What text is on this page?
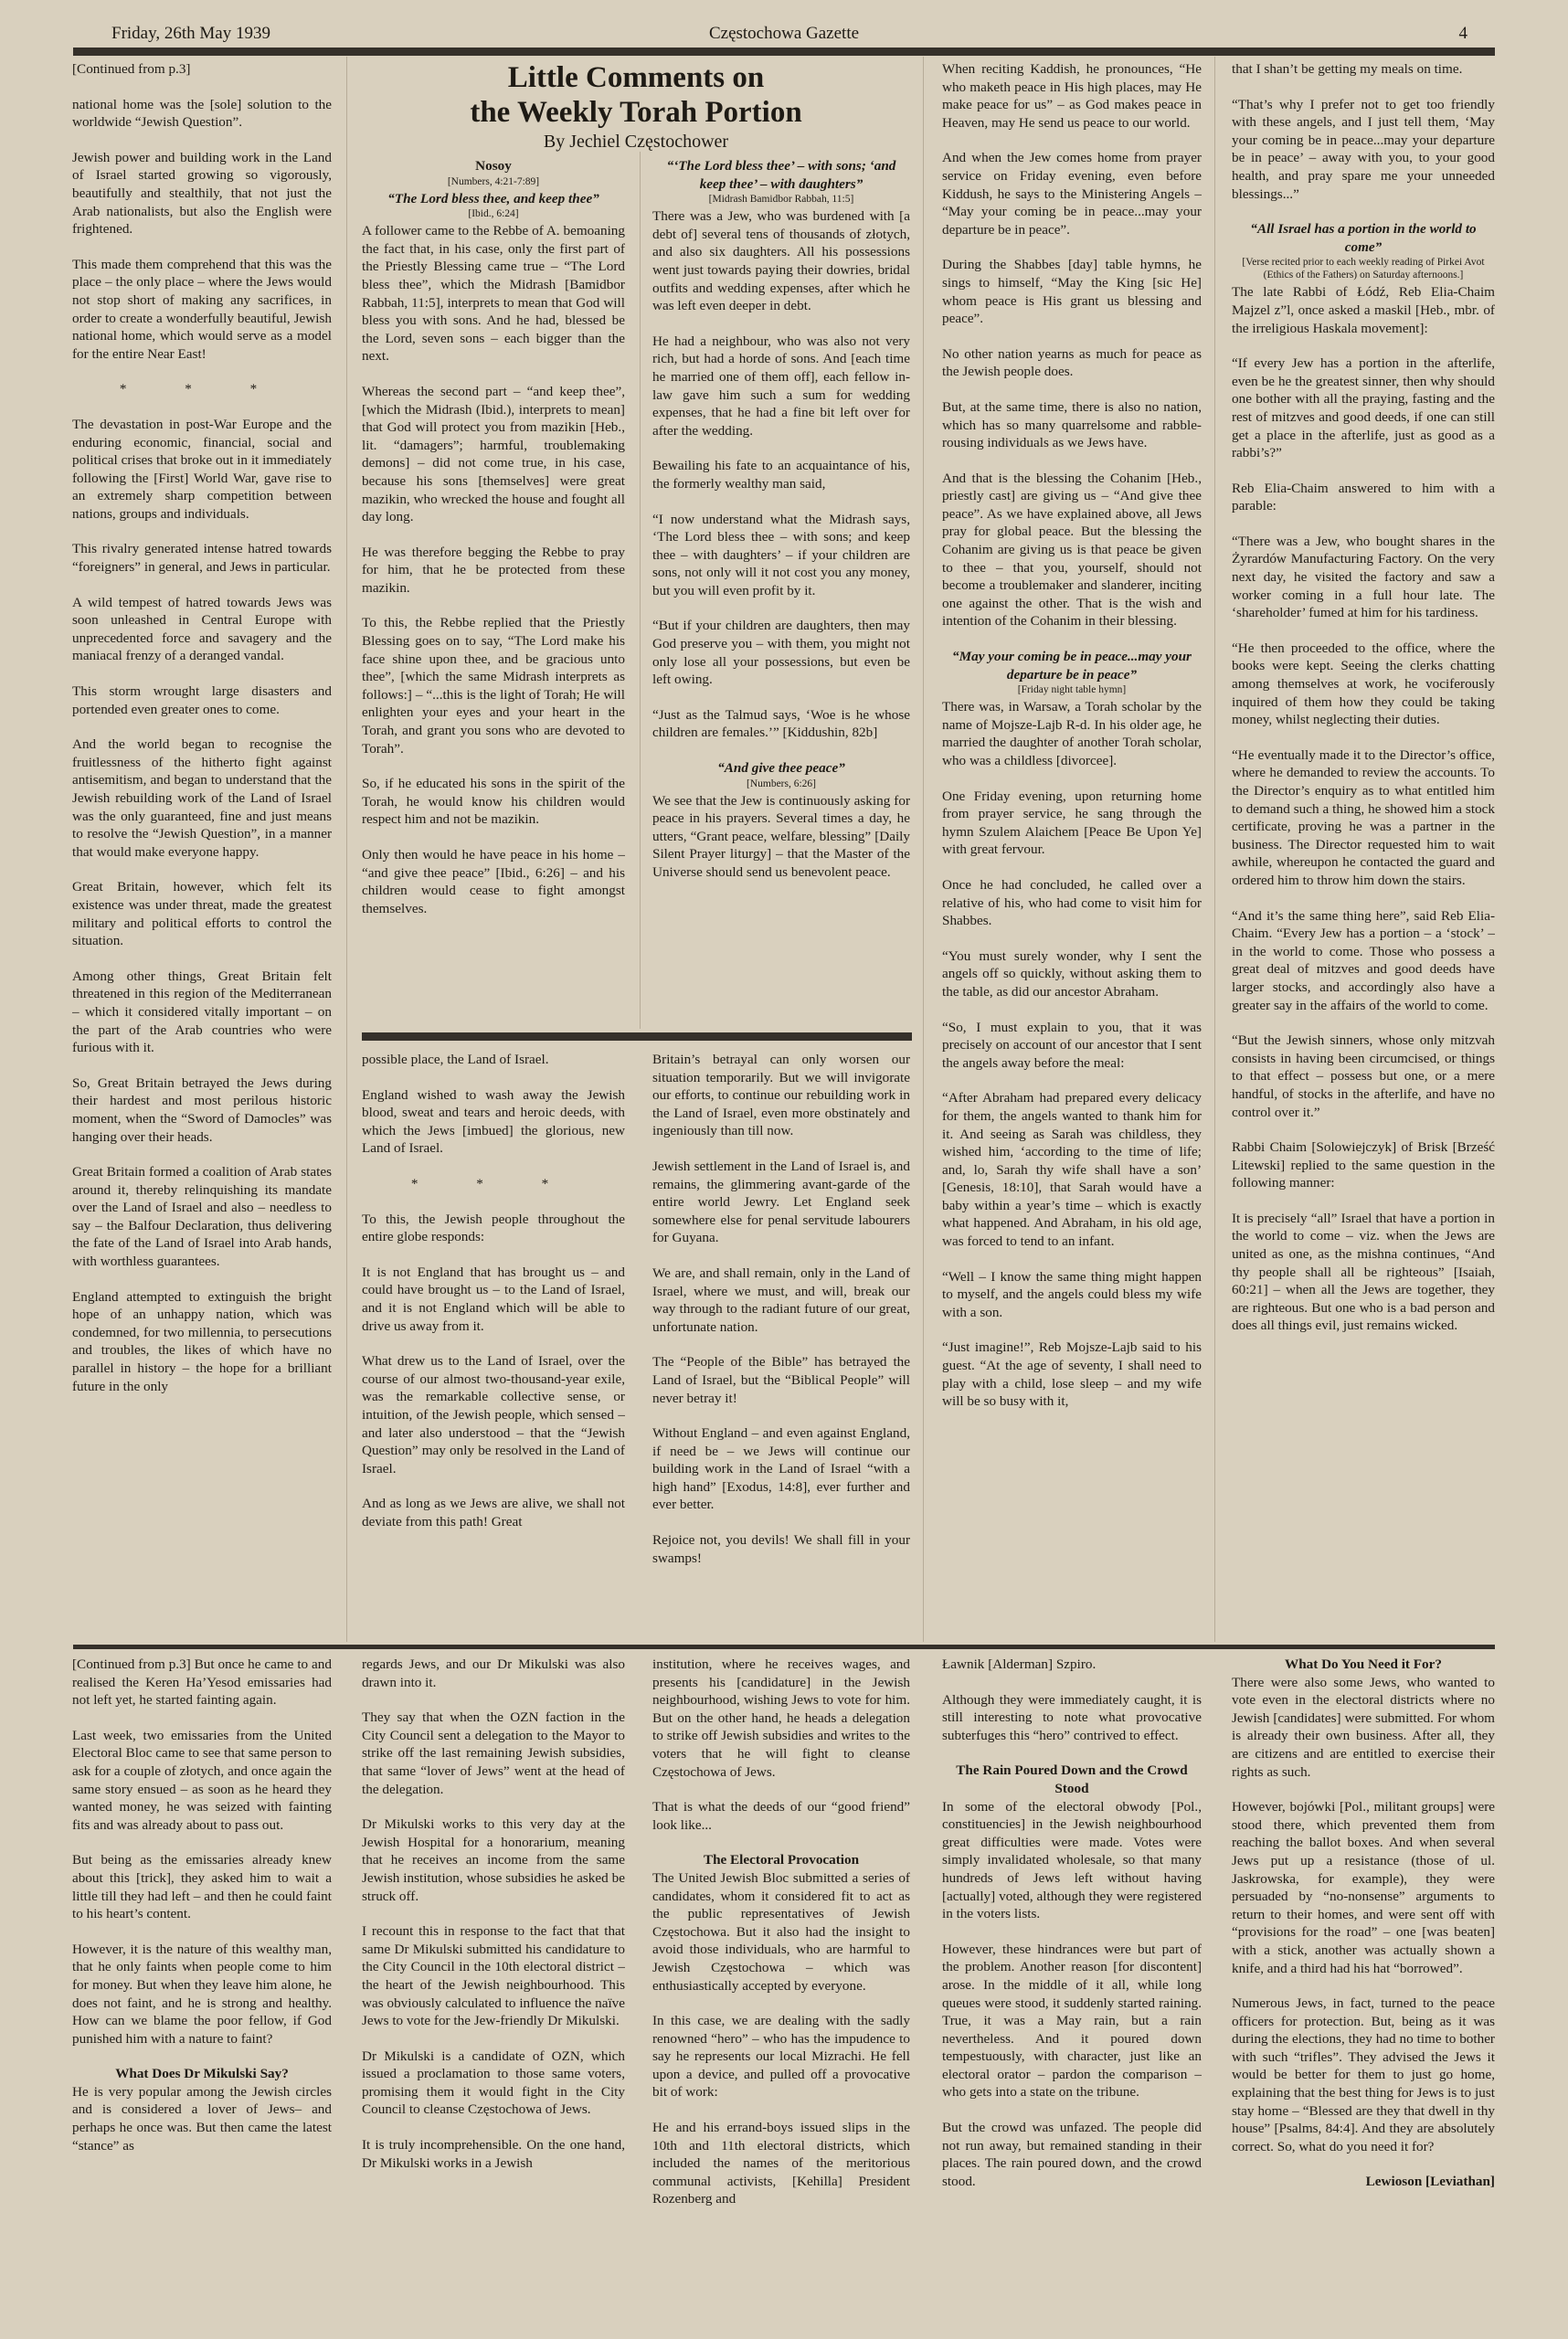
Friday, 26th May 1939	Częstochowa Gazette	4
Little Comments on
the Weekly Torah Portion
By Jechiel Częstochower

[Continued from p.3]

national home was the [sole] solution to the worldwide “Jewish Question”.

Jewish power and building work in the Land of Israel started growing so vigorously, beautifully and stealthily, that not just the Arab nationalists, but also the English were frightened.

This made them comprehend that this was the place – the only place – where the Jews would not stop short of making any sacrifices, in order to create a wonderfully beautiful, Jewish national home, which would serve as a model for the entire Near East!

* * *

The devastation in post-War Europe and the enduring economic, financial, social and political crises that broke out in it immediately following the [First] World War, gave rise to an extremely sharp competition between nations, groups and individuals.

This rivalry generated intense hatred towards “foreigners” in general, and Jews in particular.

A wild tempest of hatred towards Jews was soon unleashed in Central Europe with unprecedented force and savagery and the maniacal frenzy of a deranged vandal.

This storm wrought large disasters and portended even greater ones to come.

And the world began to recognise the fruitlessness of the hitherto fight against antisemitism, and began to understand that the Jewish rebuilding work of the Land of Israel was the only guaranteed, fine and just means to resolve the “Jewish Question”, in a manner that would make everyone happy.

Great Britain, however, which felt its existence was under threat, made the greatest military and political efforts to control the situation.

Among other things, Great Britain felt threatened in this region of the Mediterranean – which it considered vitally important – on the part of the Arab countries who were furious with it.

So, Great Britain betrayed the Jews during their hardest and most perilous historic moment, when the “Sword of Damocles” was hanging over their heads.

Great Britain formed a coalition of Arab states around it, thereby relinquishing its mandate over the Land of Israel and also – needless to say – the Balfour Declaration, thus delivering the fate of the Land of Israel into Arab hands, with worthless guarantees.

England attempted to extinguish the bright hope of an unhappy nation, which was condemned, for two millennia, to persecutions and troubles, the likes of which have no parallel in history – the hope for a brilliant future in the only

Nosoy

[Numbers, 4:21-7:89]

“The Lord bless thee, and keep thee”

[Ibid., 6:24]

A follower came to the Rebbe of A. bemoaning the fact that, in his case, only the first part of the Priestly Blessing came true – “The Lord bless thee”, which the Midrash [Bamidbor Rabbah, 11:5], interprets to mean that God will bless you with sons. And he had, blessed be the Lord, seven sons – each bigger than the next.

Whereas the second part – “and keep thee”, [which the Midrash (Ibid.), interprets to mean] that God will protect you from mazikin [Heb., lit. “damagers”; harmful, troublemaking demons] – did not come true, in his case, because his sons [themselves] were great mazikin, who wrecked the house and fought all day long.

He was therefore begging the Rebbe to pray for him, that he be protected from these mazikin.

To this, the Rebbe replied that the Priestly Blessing goes on to say, “The Lord make his face shine upon thee, and be gracious unto thee”, [which the same Midrash interprets as follows:] – “...this is the light of Torah; He will enlighten your eyes and your heart in the Torah, and grant you sons who are devoted to Torah”.

So, if he educated his sons in the spirit of the Torah, he would know his children would respect him and not be mazikin.

Only then would he have peace in his home – “and give thee peace” [Ibid., 6:26] – and his children would cease to fight amongst themselves.

“‘The Lord bless thee’ – with sons; ‘and keep thee’ – with daughters”

[Midrash Bamidbor Rabbah, 11:5]

There was a Jew, who was burdened with [a debt of] several tens of thousands of złotych, and also six daughters. All his possessions went just towards paying their dowries, bridal outfits and wedding expenses, after which he was left even deeper in debt.

He had a neighbour, who was also not very rich, but had a horde of sons. And [each time he married one of them off], each fellow in-law gave him such a sum for wedding expenses, that he had a fine bit left over for after the wedding.

Bewailing his fate to an acquaintance of his, the formerly wealthy man said,

“I now understand what the Midrash says, ‘The Lord bless thee – with sons; and keep thee – with daughters’ – if your children are sons, not only will it not cost you any money, but you will even profit by it.

“But if your children are daughters, then may God preserve you – with them, you might not only lose all your possessions, but even be left owing.

“Just as the Talmud says, ‘Woe is he whose children are females.’” [Kiddushin, 82b]

“And give thee peace”

[Numbers, 6:26]

We see that the Jew is continuously asking for peace in his prayers. Several times a day, he utters, “Grant peace, welfare, blessing” [Daily Silent Prayer liturgy] – that the Master of the Universe should send us benevolent peace.

possible place, the Land of Israel.

England wished to wash away the Jewish blood, sweat and tears and heroic deeds, with which the Jews [imbued] the glorious, new Land of Israel.

* * *

To this, the Jewish people throughout the entire globe responds:

It is not England that has brought us – and could have brought us – to the Land of Israel, and it is not England which will be able to drive us away from it.

What drew us to the Land of Israel, over the course of our almost two-thousand-year exile, was the remarkable collective sense, or intuition, of the Jewish people, which sensed – and later also understood – that the “Jewish Question” may only be resolved in the Land of Israel.

And as long as we Jews are alive, we shall not deviate from this path! Great

Britain’s betrayal can only worsen our situation temporarily. But we will invigorate our efforts, to continue our rebuilding work in the Land of Israel, even more obstinately and ingeniously than till now.

Jewish settlement in the Land of Israel is, and remains, the glimmering avant-garde of the entire world Jewry. Let England seek somewhere else for penal servitude labourers for Guyana.

We are, and shall remain, only in the Land of Israel, where we must, and will, break our way through to the radiant future of our great, unfortunate nation.

The “People of the Bible” has betrayed the Land of Israel, but the “Biblical People” will never betray it!

Without England – and even against England, if need be – we Jews will continue our building work in the Land of Israel “with a high hand” [Exodus, 14:8], ever further and ever better.

Rejoice not, you devils! We shall fill in your swamps!

When reciting Kaddish, he pronounces, “He who maketh peace in His high places, may He make peace for us” – as God makes peace in Heaven, may He send us peace to our world.

And when the Jew comes home from prayer service on Friday evening, even before Kiddush, he says to the Ministering Angels – “May your coming be in peace...may your departure be in peace”.

During the Shabbes [day] table hymns, he sings to himself, “May the King [sic He] whom peace is His grant us blessing and peace”.

No other nation yearns as much for peace as the Jewish people does.

But, at the same time, there is also no nation, which has so many quarrelsome and rabble-rousing individuals as we Jews have.

And that is the blessing the Cohanim [Heb., priestly cast] are giving us – “And give thee peace”. As we have explained above, all Jews pray for global peace. But the blessing the Cohanim are giving us is that peace be given to thee – that you, yourself, should not become a troublemaker and slanderer, inciting one against the other. That is the wish and intention of the Cohanim in their blessing.

“May your coming be in peace...may your departure be in peace”

[Friday night table hymn]

There was, in Warsaw, a Torah scholar by the name of Mojsze-Lajb R-d. In his older age, he married the daughter of another Torah scholar, who was a childless [divorcee].

One Friday evening, upon returning home from prayer service, he sang through the hymn Szulem Alaichem [Peace Be Upon Ye] with great fervour.

Once he had concluded, he called over a relative of his, who had come to visit him for Shabbes.

“You must surely wonder, why I sent the angels off so quickly, without asking them to the table, as did our ancestor Abraham.

“So, I must explain to you, that it was precisely on account of our ancestor that I sent the angels away before the meal:

“After Abraham had prepared every delicacy for them, the angels wanted to thank him for it. And seeing as Sarah was childless, they wished him, ‘according to the time of life; and, lo, Sarah thy wife shall have a son’ [Genesis, 18:10], that Sarah would have a baby within a year’s time – which is exactly what happened. And Abraham, in his old age, was forced to tend to an infant.

“Well – I know the same thing might happen to myself, and the angels could bless my wife with a son.

“Just imagine!”, Reb Mojsze-Lajb said to his guest. “At the age of seventy, I shall need to play with a child, lose sleep – and my wife will be so busy with it,

that I shan’t be getting my meals on time.

“That’s why I prefer not to get too friendly with these angels, and I just tell them, ‘May your coming be in peace...may your departure be in peace’ – away with you, to your good health, and pray spare me your unneeded blessings...”

“All Israel has a portion in the world to come”

[Verse recited prior to each weekly reading of Pirkei Avot (Ethics of the Fathers) on Saturday afternoons.]

The late Rabbi of Łódź, Reb Elia-Chaim Majzel z”l, once asked a maskil [Heb., mbr. of the irreligious Haskala movement]:

“If every Jew has a portion in the afterlife, even be he the greatest sinner, then why should one bother with all the praying, fasting and the rest of mitzves and good deeds, if one can still get a place in the afterlife, just as good as a rabbi’s?”

Reb Elia-Chaim answered to him with a parable:

“There was a Jew, who bought shares in the Żyrardów Manufacturing Factory. On the very next day, he visited the factory and saw a worker coming in a full hour late. The ‘shareholder’ fumed at him for his tardiness.

“He then proceeded to the office, where the books were kept. Seeing the clerks chatting among themselves at work, he vociferously inquired of them how they could be taking money, whilst neglecting their duties.

“He eventually made it to the Director’s office, where he demanded to review the accounts. To the Director’s enquiry as to what entitled him to demand such a thing, he showed him a stock certificate, proving he was a partner in the business. The Director requested him to wait awhile, whereupon he contacted the guard and ordered him to throw him down the stairs.

“And it’s the same thing here”, said Reb Elia-Chaim. “Every Jew has a portion – a ‘stock’ – in the world to come. Those who possess a great deal of mitzves and good deeds have larger stocks, and accordingly also have a greater say in the affairs of the world to come.

“But the Jewish sinners, whose only mitzvah consists in having been circumcised, or things to that effect – possess but one, or a mere handful, of stocks in the afterlife, and have no control over it.”

Rabbi Chaim [Solowiejczyk] of Brisk [Brześć Litewski] replied to the same question in the following manner:

It is precisely “all” Israel that have a portion in the world to come – viz. when the Jews are united as one, as the mishna continues, “And thy people shall all be righteous” [Isaiah, 60:21] – when all the Jews are together, they are righteous. But one who is a bad person and does all things evil, just remains wicked.

[Continued from p.3] But once he came to and realised the Keren Ha’Yesod emissaries had not left yet, he started fainting again.

Last week, two emissaries from the United Electoral Bloc came to see that same person to ask for a couple of złotych, and once again the same story ensued – as soon as he heard they wanted money, he was seized with fainting fits and was already about to pass out.

But being as the emissaries already knew about this [trick], they asked him to wait a little till they had left – and then he could faint to his heart’s content.

However, it is the nature of this wealthy man, that he only faints when people come to him for money. But when they leave him alone, he does not faint, and he is strong and healthy. How can we blame the poor fellow, if God punished him with a nature to faint?

What Does Dr Mikulski Say?

He is very popular among the Jewish circles and is considered a lover of Jews– and perhaps he once was. But then came the latest “stance” as

regards Jews, and our Dr Mikulski was also drawn into it.

They say that when the OZN faction in the City Council sent a delegation to the Mayor to strike off the last remaining Jewish subsidies, that same “lover of Jews” went at the head of the delegation.

Dr Mikulski works to this very day at the Jewish Hospital for a honorarium, meaning that he receives an income from the same Jewish institution, whose subsidies he asked be struck off.

I recount this in response to the fact that that same Dr Mikulski submitted his candidature to the City Council in the 10th electoral district – the heart of the Jewish neighbourhood. This was obviously calculated to influence the naïve Jews to vote for the Jew-friendly Dr Mikulski.

Dr Mikulski is a candidate of OZN, which issued a proclamation to those same voters, promising them it would fight in the City Council to cleanse Częstochowa of Jews.

It is truly incomprehensible. On the one hand, Dr Mikulski works in a Jewish

institution, where he receives wages, and presents his [candidature] in the Jewish neighbourhood, wishing Jews to vote for him. But on the other hand, he heads a delegation to strike off Jewish subsidies and writes to the voters that he will fight to cleanse Częstochowa of Jews.

That is what the deeds of our “good friend” look like...

The Electoral Provocation

The United Jewish Bloc submitted a series of candidates, whom it considered fit to act as the public representatives of Jewish Częstochowa. But it also had the insight to avoid those individuals, who are harmful to Jewish Częstochowa – which was enthusiastically accepted by everyone.

In this case, we are dealing with the sadly renowned “hero” – who has the impudence to say he represents our local Mizrachi. He fell upon a device, and pulled off a provocative bit of work:

He and his errand-boys issued slips in the 10th and 11th electoral districts, which included the names of the meritorious communal activists, [Kehilla] President Rozenberg and

Ławnik [Alderman] Szpiro.

Although they were immediately caught, it is still interesting to note what provocative subterfuges this “hero” contrived to effect.

The Rain Poured Down and the Crowd Stood

In some of the electoral obwody [Pol., constituencies] in the Jewish neighbourhood great difficulties were made. Votes were simply invalidated wholesale, so that many hundreds of Jews left without having [actually] voted, although they were registered in the voters lists.

However, these hindrances were but part of the problem. Another reason [for discontent] arose. In the middle of it all, while long queues were stood, it suddenly started raining. True, it was a May rain, but a rain nevertheless. And it poured down tempestuously, with character, just like an electoral orator – pardon the comparison – who gets into a state on the tribune.

But the crowd was unfazed. The people did not run away, but remained standing in their places. The rain poured down, and the crowd stood.

What Do You Need it For?

There were also some Jews, who wanted to vote even in the electoral districts where no Jewish [candidates] were submitted. For whom is already their own business. After all, they are citizens and are entitled to exercise their rights as such.

However, bojówki [Pol., militant groups] were stood there, which prevented them from reaching the ballot boxes. And when several Jews put up a resistance (those of ul. Jaskrowska, for example), they were persuaded by “no-nonsense” arguments to return to their homes, and were sent off with “provisions for the road” – one [was beaten] with a stick, another was actually shown a knife, and a third had his hat “borrowed”.

Numerous Jews, in fact, turned to the peace officers for protection. But, being as it was during the elections, they had no time to bother with such “trifles”. They advised the Jews it would be better for them to just go home, explaining that the best thing for Jews is to just stay home – “Blessed are they that dwell in thy house” [Psalms, 84:4]. And they are absolutely correct. So, what do you need it for?

Lewioson [Leviathan]
